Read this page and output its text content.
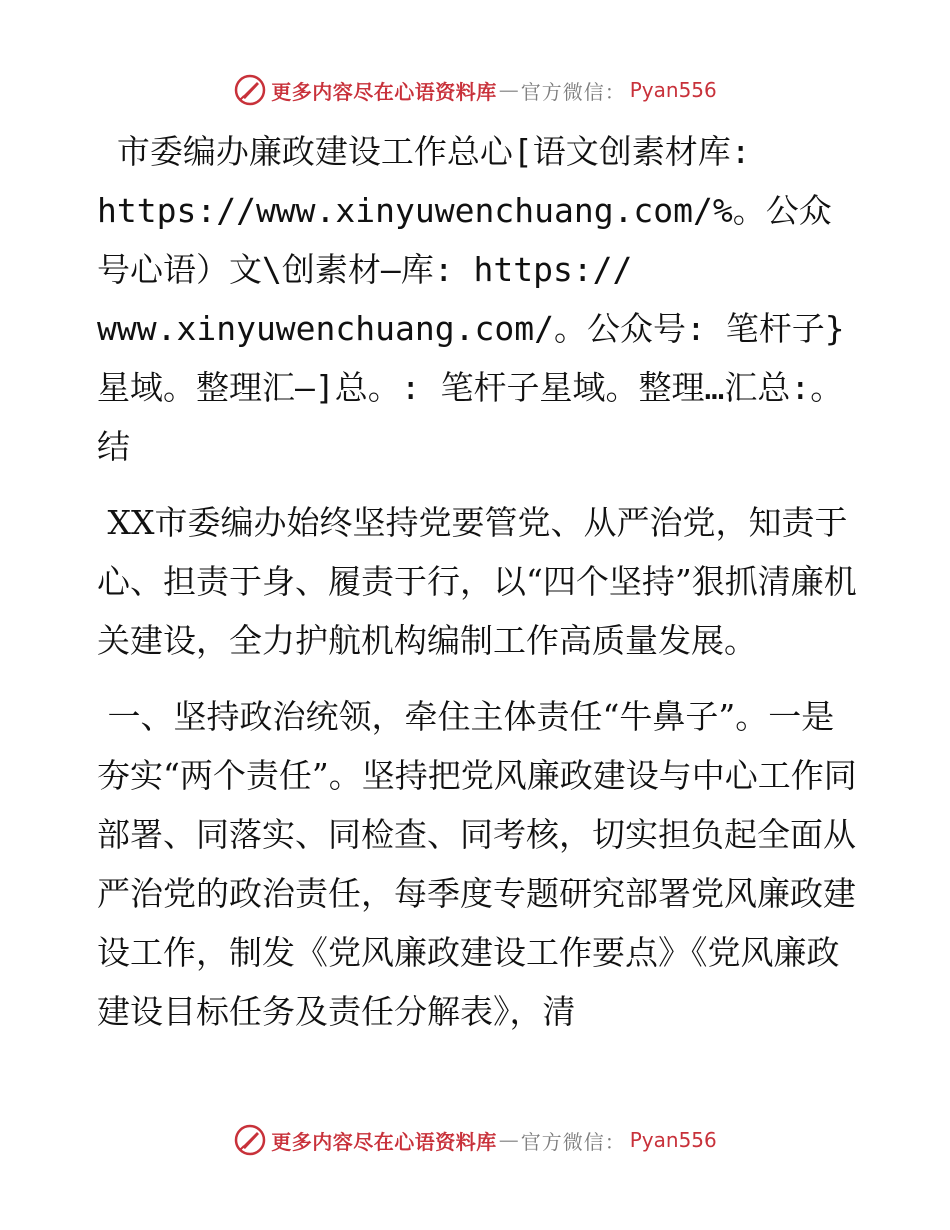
更多内容尽在心语资料库 — 官方微信： Pyan556

市委编办廉政建设工作总心[语文创素材库:
https://www.xinyuwenchuang.com/%。公众号心语）文\创素材—库: https://
www.xinyuwenchuang.com/。公众号: 笔杆子}星域。整理汇—]总。: 笔杆子星域。整理…汇总:。结

XX市委编办始终坚持党要管党、从严治党，知责于心、担责于身、履责于行，以“四个坚持”狠抓清廉机关建设，全力护航机构编制工作高质量发展。

一、坚持政治统领，牵住主体责任“牛鼻子”。一是夯实“两个责任”。坚持把党风廉政建设与中心工作同部署、同落实、同检查、同考核，切实担负起全面从严治党的政治责任，每季度专题研究部署党风廉政建设工作，制发《党风廉政建设工作要点》《党风廉政建设目标任务及责任分解表》，清

更多内容尽在心语资料库 — 官方微信： Pyan556
